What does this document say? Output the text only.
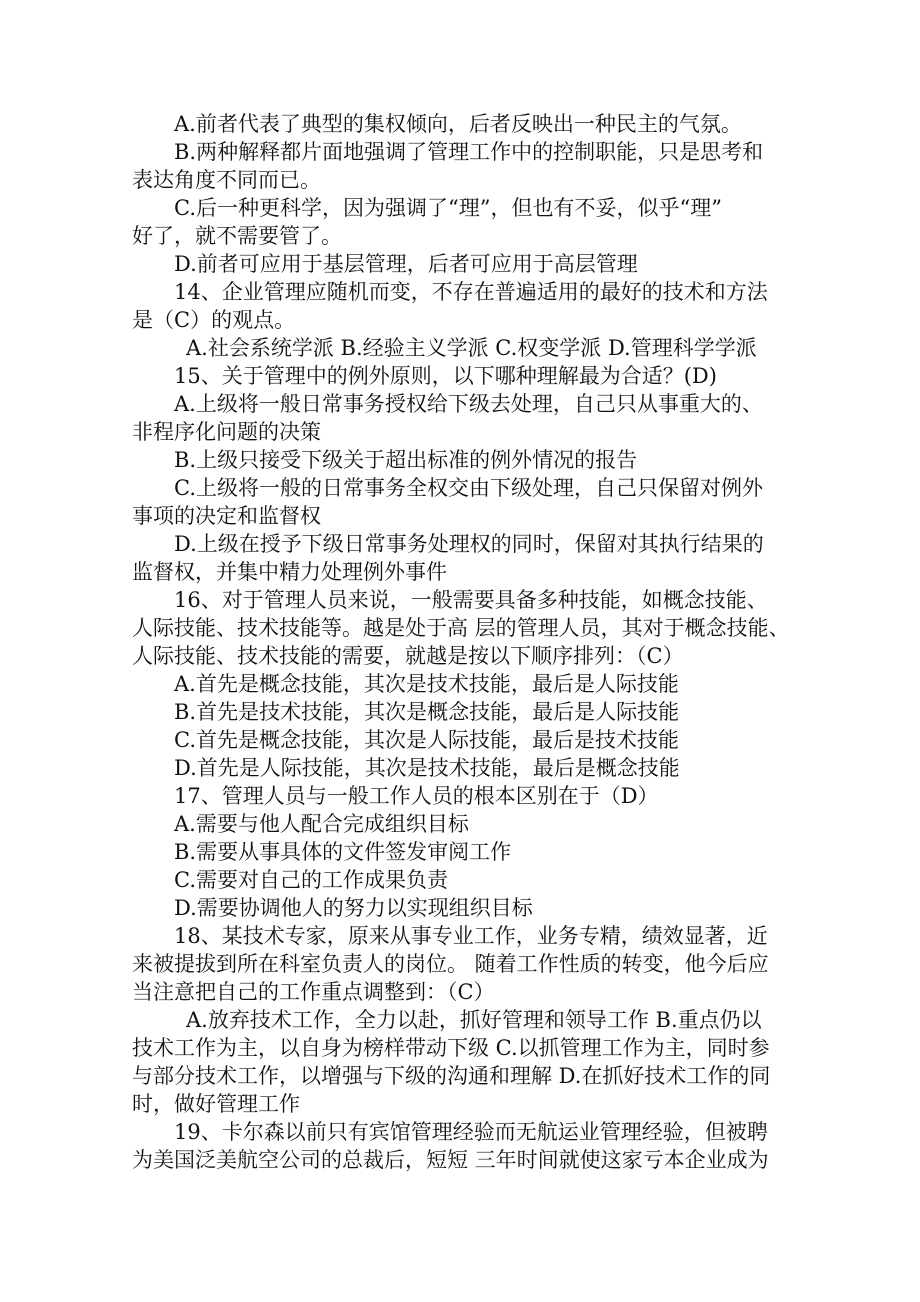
A.前者代表了典型的集权倾向，后者反映出一种民主的气氛。
B.两种解释都片面地强调了管理工作中的控制职能，只是思考和
表达角度不同而已。
C.后一种更科学，因为强调了“理”，但也有不妥，似乎“理”
好了，就不需要管了。
D.前者可应用于基层管理，后者可应用于高层管理
14、企业管理应随机而变，不存在普遍适用的最好的技术和方法
是（C）的观点。
A.社会系统学派 B.经验主义学派 C.权变学派 D.管理科学学派
15、关于管理中的例外原则，以下哪种理解最为合适？(D)
A.上级将一般日常事务授权给下级去处理，自己只从事重大的、
非程序化问题的决策
B.上级只接受下级关于超出标准的例外情况的报告
C.上级将一般的日常事务全权交由下级处理，自己只保留对例外
事项的决定和监督权
D.上级在授予下级日常事务处理权的同时，保留对其执行结果的
监督权，并集中精力处理例外事件
16、对于管理人员来说，一般需要具备多种技能，如概念技能、
人际技能、技术技能等。越是处于高 层的管理人员，其对于概念技能、
人际技能、技术技能的需要，就越是按以下顺序排列：（C）
A.首先是概念技能，其次是技术技能，最后是人际技能
B.首先是技术技能，其次是概念技能，最后是人际技能
C.首先是概念技能，其次是人际技能，最后是技术技能
D.首先是人际技能，其次是技术技能，最后是概念技能
17、管理人员与一般工作人员的根本区别在于（D）
A.需要与他人配合完成组织目标
B.需要从事具体的文件签发审阅工作
C.需要对自己的工作成果负责
D.需要协调他人的努力以实现组织目标
18、某技术专家，原来从事专业工作，业务专精，绩效显著，近
来被提拔到所在科室负责人的岗位。 随着工作性质的转变，他今后应
当注意把自己的工作重点调整到：（C）
A.放弃技术工作，全力以赴，抓好管理和领导工作 B.重点仍以
技术工作为主，以自身为榜样带动下级 C.以抓管理工作为主，同时参
与部分技术工作，以增强与下级的沟通和理解 D.在抓好技术工作的同
时，做好管理工作
19、卡尔森以前只有宾馆管理经验而无航运业管理经验，但被聘
为美国泛美航空公司的总裁后，短短 三年时间就使这家亏本企业成为
